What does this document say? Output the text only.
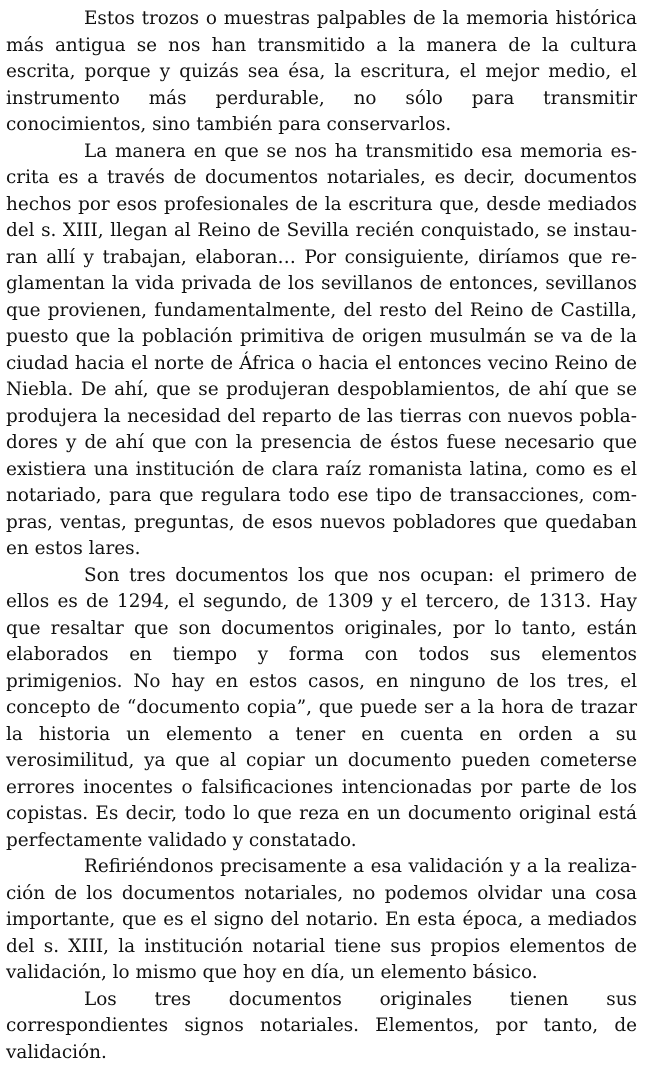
Estos trozos o muestras palpables de la memoria histórica más antigua se nos han transmitido a la manera de la cultura escrita, porque y quizás sea ésa, la escritura, el mejor medio, el instrumento más perdurable, no sólo para transmitir conocimientos, sino también para conservarlos.

La manera en que se nos ha transmitido esa memoria escrita es a través de documentos notariales, es decir, documentos hechos por esos profesionales de la escritura que, desde mediados del s. XIII, llegan al Reino de Sevilla recién conquistado, se instauran allí y trabajan, elaboran… Por consiguiente, diríamos que reglamentan la vida privada de los sevillanos de entonces, sevillanos que provienen, fundamentalmente, del resto del Reino de Castilla, puesto que la población primitiva de origen musulmán se va de la ciudad hacia el norte de África o hacia el entonces vecino Reino de Niebla. De ahí, que se produjeran despoblamientos, de ahí que se produjera la necesidad del reparto de las tierras con nuevos pobladores y de ahí que con la presencia de éstos fuese necesario que existiera una institución de clara raíz romanista latina, como es el notariado, para que regulara todo ese tipo de transacciones, compras, ventas, preguntas, de esos nuevos pobladores que quedaban en estos lares.

Son tres documentos los que nos ocupan: el primero de ellos es de 1294, el segundo, de 1309 y el tercero, de 1313. Hay que resaltar que son documentos originales, por lo tanto, están elaborados en tiempo y forma con todos sus elementos primigenios. No hay en estos casos, en ninguno de los tres, el concepto de “documento copia”, que puede ser a la hora de trazar la historia un elemento a tener en cuenta en orden a su verosimilitud, ya que al copiar un documento pueden cometerse errores inocentes o falsificaciones intencionadas por parte de los copistas. Es decir, todo lo que reza en un documento original está perfectamente validado y constatado.

Refiriéndonos precisamente a esa validación y a la realización de los documentos notariales, no podemos olvidar una cosa importante, que es el signo del notario. En esta época, a mediados del s. XIII, la institución notarial tiene sus propios elementos de validación, lo mismo que hoy en día, un elemento básico.

Los tres documentos originales tienen sus correspondientes signos notariales. Elementos, por tanto, de validación.
